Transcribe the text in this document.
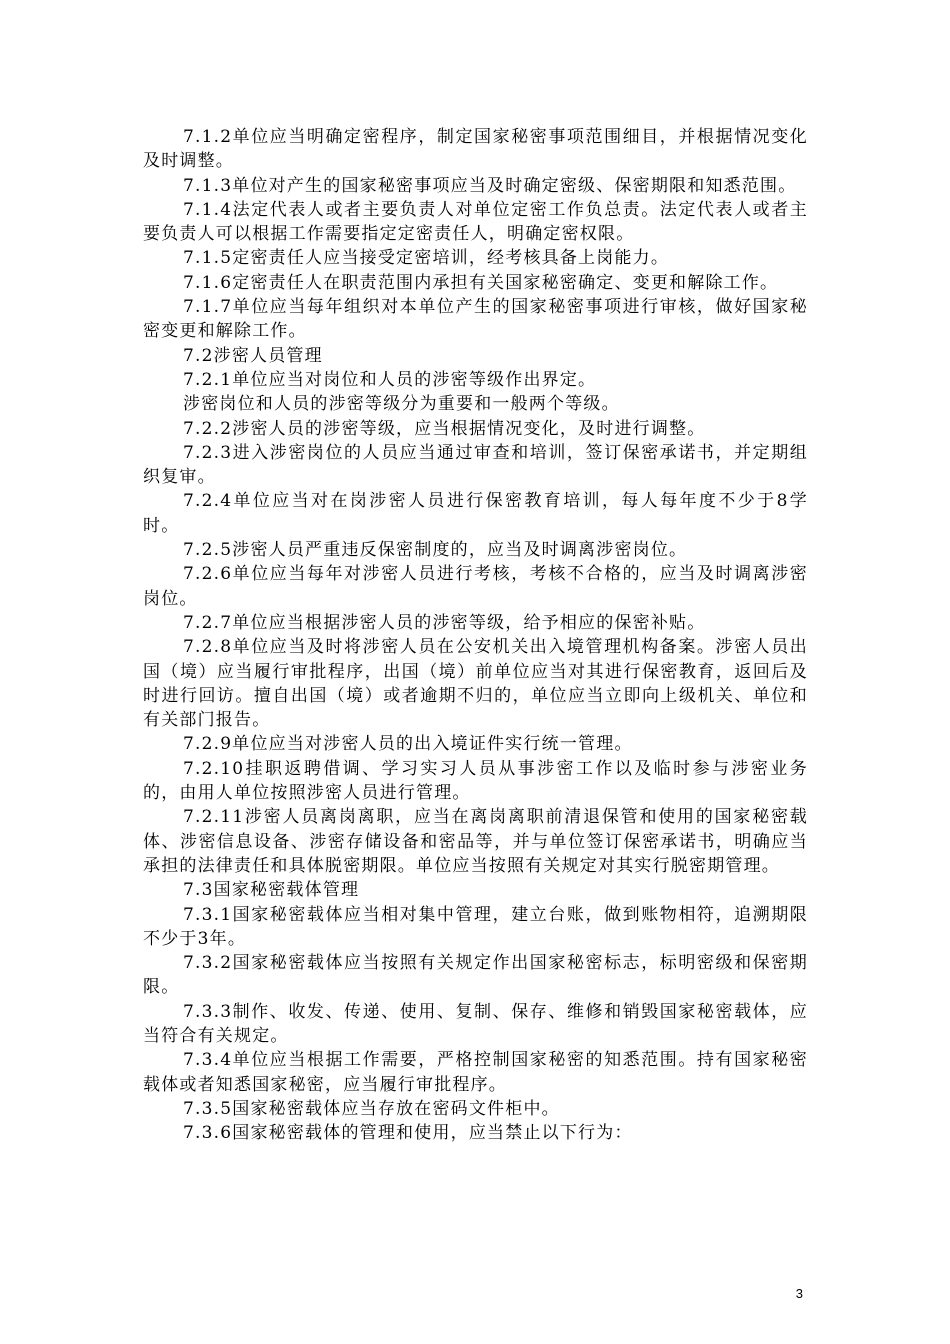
7.1.2单位应当明确定密程序，制定国家秘密事项范围细目，并根据情况变化及时调整。

7.1.3单位对产生的国家秘密事项应当及时确定密级、保密期限和知悉范围。

7.1.4法定代表人或者主要负责人对单位定密工作负总责。法定代表人或者主要负责人可以根据工作需要指定定密责任人，明确定密权限。

7.1.5定密责任人应当接受定密培训，经考核具备上岗能力。

7.1.6定密责任人在职责范围内承担有关国家秘密确定、变更和解除工作。

7.1.7单位应当每年组织对本单位产生的国家秘密事项进行审核，做好国家秘密变更和解除工作。

7.2涉密人员管理

7.2.1单位应当对岗位和人员的涉密等级作出界定。

涉密岗位和人员的涉密等级分为重要和一般两个等级。

7.2.2涉密人员的涉密等级，应当根据情况变化，及时进行调整。

7.2.3进入涉密岗位的人员应当通过审查和培训，签订保密承诺书，并定期组织复审。

7.2.4单位应当对在岗涉密人员进行保密教育培训，每人每年度不少于8学时。

7.2.5涉密人员严重违反保密制度的，应当及时调离涉密岗位。

7.2.6单位应当每年对涉密人员进行考核，考核不合格的，应当及时调离涉密岗位。

7.2.7单位应当根据涉密人员的涉密等级，给予相应的保密补贴。

7.2.8单位应当及时将涉密人员在公安机关出入境管理机构备案。涉密人员出国（境）应当履行审批程序，出国（境）前单位应当对其进行保密教育，返回后及时进行回访。擅自出国（境）或者逾期不归的，单位应当立即向上级机关、单位和有关部门报告。

7.2.9单位应当对涉密人员的出入境证件实行统一管理。

7.2.10挂职返聘借调、学习实习人员从事涉密工作以及临时参与涉密业务的，由用人单位按照涉密人员进行管理。

7.2.11涉密人员离岗离职，应当在离岗离职前清退保管和使用的国家秘密载体、涉密信息设备、涉密存储设备和密品等，并与单位签订保密承诺书，明确应当承担的法律责任和具体脱密期限。单位应当按照有关规定对其实行脱密期管理。

7.3国家秘密载体管理

7.3.1国家秘密载体应当相对集中管理，建立台账，做到账物相符，追溯期限不少于3年。

7.3.2国家秘密载体应当按照有关规定作出国家秘密标志，标明密级和保密期限。

7.3.3制作、收发、传递、使用、复制、保存、维修和销毁国家秘密载体，应当符合有关规定。

7.3.4单位应当根据工作需要，严格控制国家秘密的知悉范围。持有国家秘密载体或者知悉国家秘密，应当履行审批程序。

7.3.5国家秘密载体应当存放在密码文件柜中。

7.3.6国家秘密载体的管理和使用，应当禁止以下行为：

3
